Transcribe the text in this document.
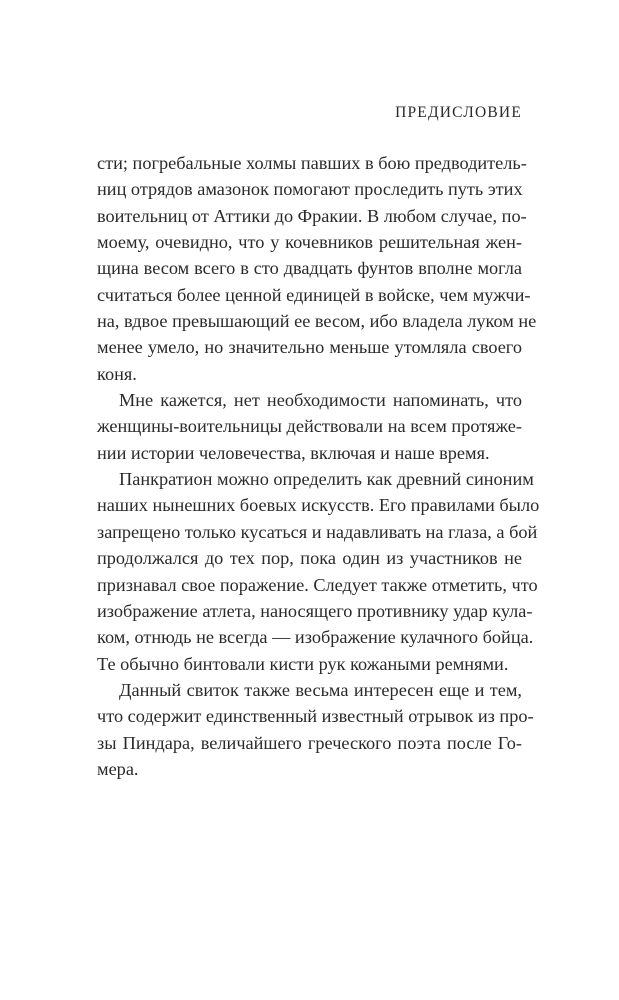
ПРЕДИСЛОВИЕ
сти; погребальные холмы павших в бою предводитель-
ниц отрядов амазонок помогают проследить путь этих
воительниц от Аттики до Фракии. В любом случае, по-
моему, очевидно, что у кочевников решительная жен-
щина весом всего в сто двадцать фунтов вполне могла
считаться более ценной единицей в войске, чем мужчи-
на, вдвое превышающий ее весом, ибо владела луком не
менее умело, но значительно меньше утомляла своего
коня.
Мне кажется, нет необходимости напоминать, что
женщины-воительницы действовали на всем протяже-
нии истории человечества, включая и наше время.
Панкратион можно определить как древний синоним
наших нынешних боевых искусств. Его правилами было
запрещено только кусаться и надавливать на глаза, а бой
продолжался до тех пор, пока один из участников не
признавал свое поражение. Следует также отметить, что
изображение атлета, наносящего противнику удар кула-
ком, отнюдь не всегда — изображение кулачного бойца.
Те обычно бинтовали кисти рук кожаными ремнями.
Данный свиток также весьма интересен еще и тем,
что содержит единственный известный отрывок из про-
зы Пиндара, величайшего греческого поэта после Го-
мера.
